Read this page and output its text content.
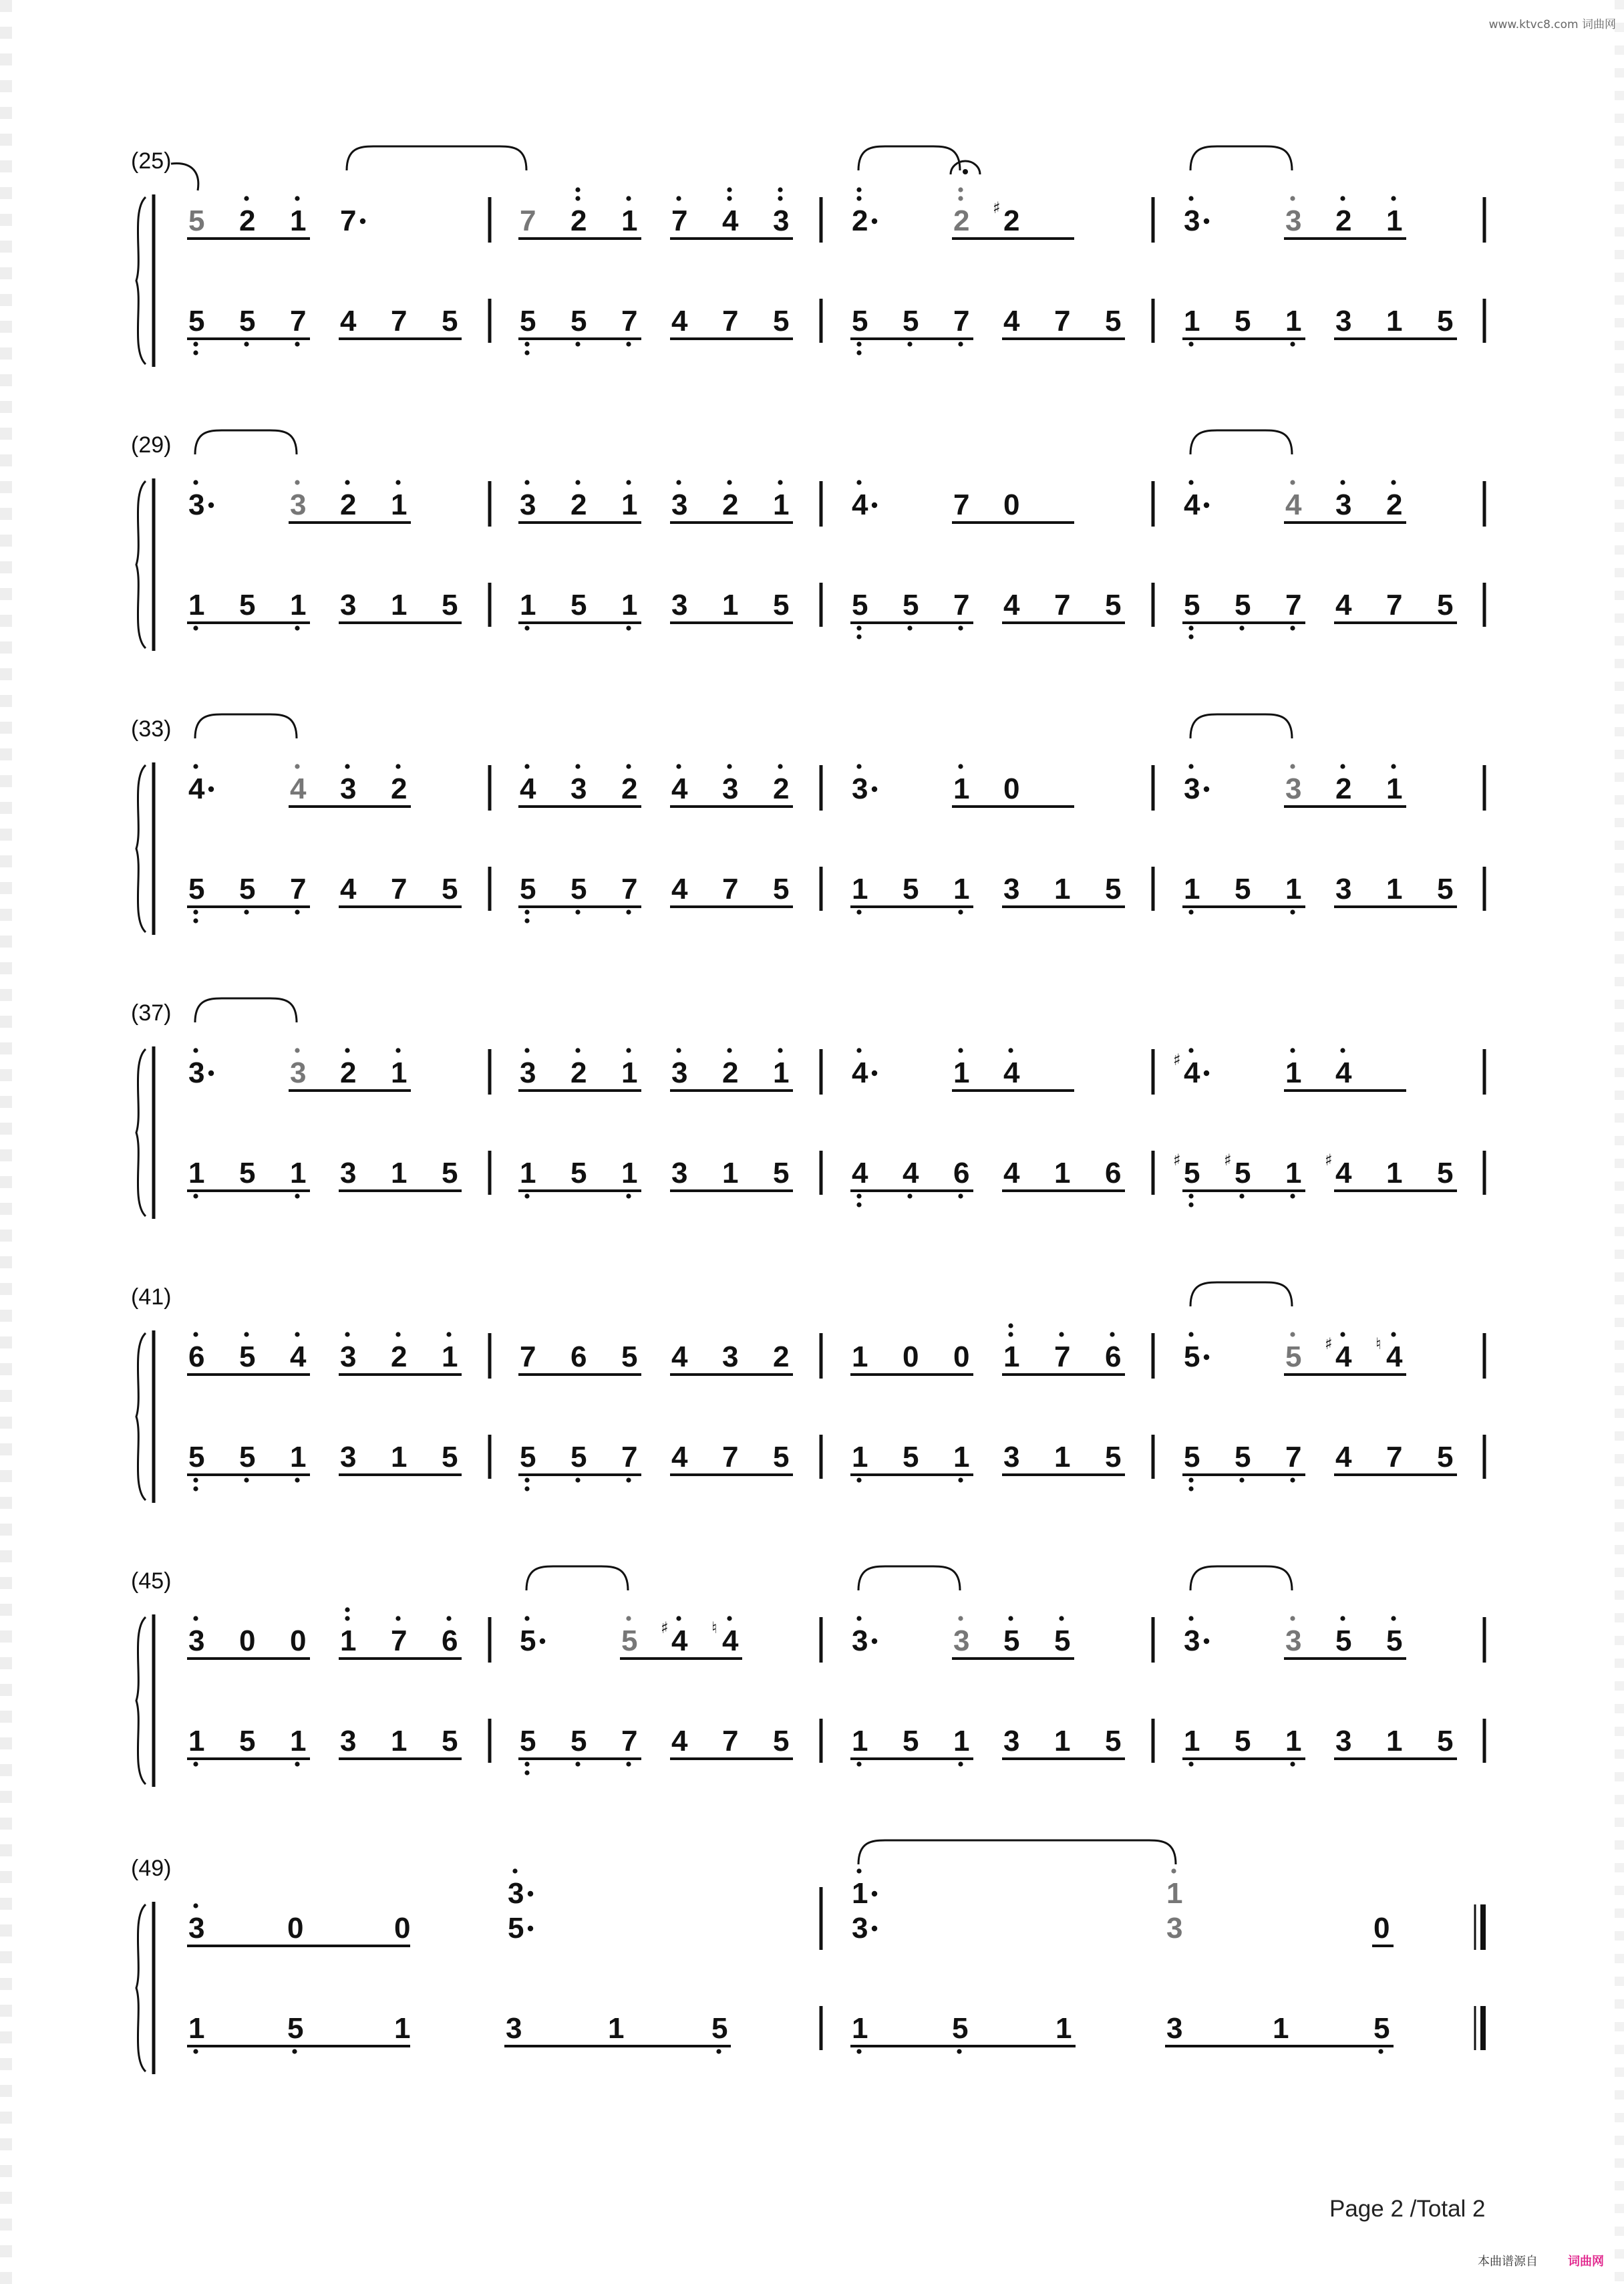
www.ktvc8.com 词曲网
(25)
5 2 1 7	7 2 1 7 4 3 2	2 ♯ 2	3	3 2 1
5 5 7 4 7 5 5 5 7 4 7 5 5 5 7 4 7 5 1 5 1 3 1 5
(29)
3	3 2 1	3 2 1 3 2 1 4	7 0	4	4 3 2
1 5 1 3 1 5 1 5 1 3 1 5 5 5 7 4 7 5 5 5 7 4 7 5
(33)
4	4 3 2	4 3 2 4 3 2 3	1 0	3	3 2 1
5 5 7 4 7 5 5 5 7 4 7 5 1 5 1 3 1 5 1 5 1 3 1 5
(37)
3	3 2 1	3 2 1 3 2 1 4	1 4	♯ 4	1 4
1 5 1 3 1 5 1 5 1 3 1 5 4 4 6 4 1 6	♯ 5 ♯ 5 1 ♯ 4 1 5
(41)
6 5 4 3 2 1 7 6 5 4 3 2 1 0 0 1 7 6 5	5 ♯ 4 ♮ 4
5 5 1 3 1 5 5 5 7 4 7 5 1 5 1 3 1 5 5 5 7 4 7 5
(45)
3 0 0 1 7 6 5	5 ♯ 4 ♮ 4	3	3 5 5	3	3 5 5
1 5 1 3 1 5 5 5 7 4 7 5 1 5 1 3 1 5 1 5 1 3 1 5
(49)
3	0	0
3
5
1
3
1
3	0
1	5	1	3	1	5	1	5	1	3	1	5
Page 2 /Total 2
本曲谱源自	词曲网
